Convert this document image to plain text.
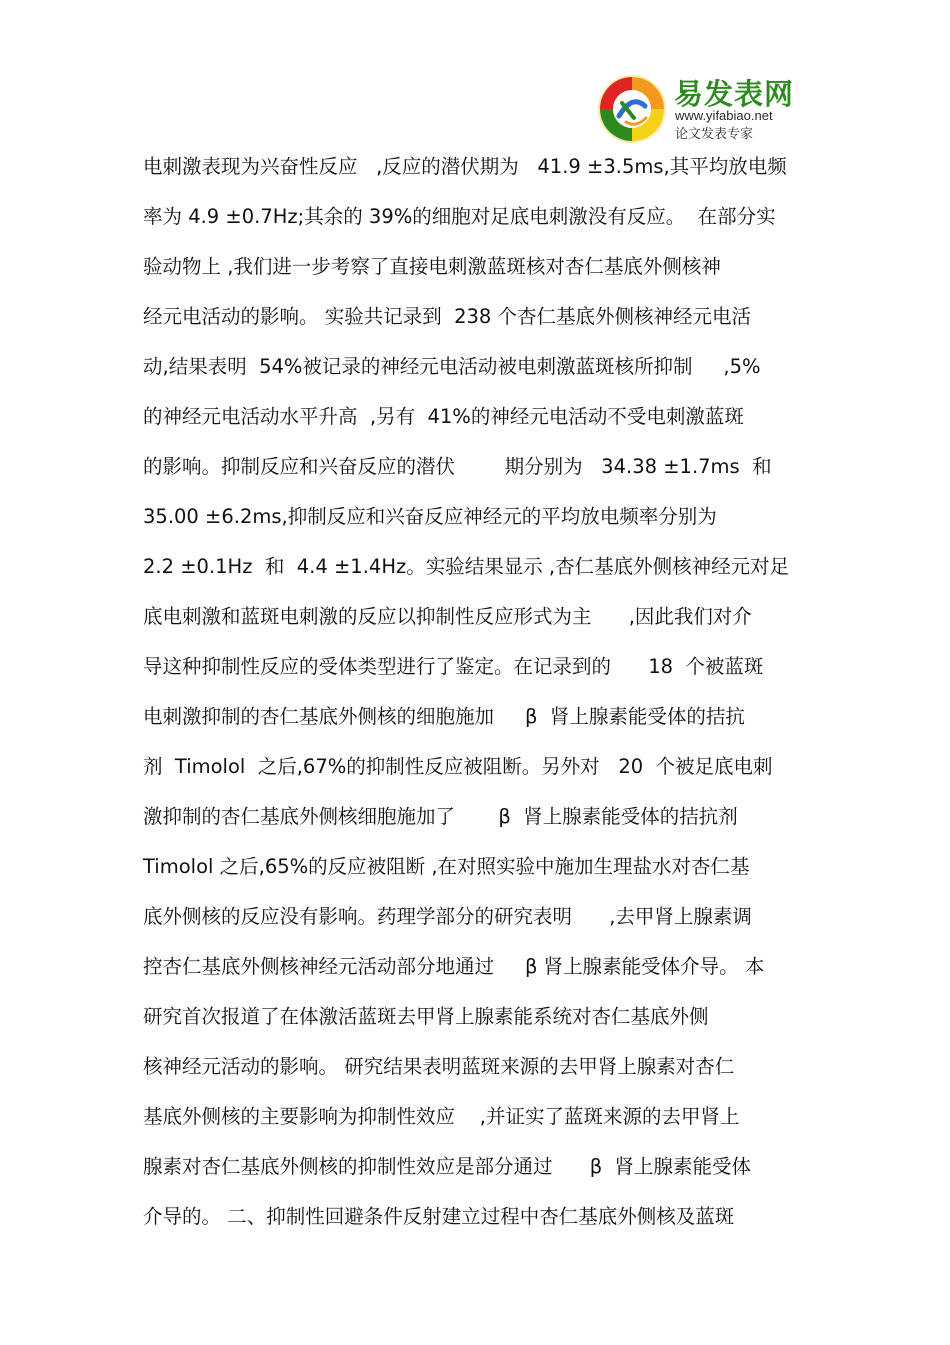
易发表网
www.yifabiao.net
论文发表专家
电刺激表现为兴奋性反应   ,反应的潜伏期为   41.9 ±3.5ms,其平均放电频
率为 4.9 ±0.7Hz;其余的 39%的细胞对足底电刺激没有反应。  在部分实
验动物上 ,我们进一步考察了直接电刺激蓝斑核对杏仁基底外侧核神
经元电活动的影响。 实验共记录到  238 个杏仁基底外侧核神经元电活
动,结果表明  54%被记录的神经元电活动被电刺激蓝斑核所抑制     ,5%
的神经元电活动水平升高  ,另有  41%的神经元电活动不受电刺激蓝斑
的影响。抑制反应和兴奋反应的潜伏        期分别为   34.38 ±1.7ms  和
35.00 ±6.2ms,抑制反应和兴奋反应神经元的平均放电频率分别为
2.2 ±0.1Hz  和  4.4 ±1.4Hz。实验结果显示 ,杏仁基底外侧核神经元对足
底电刺激和蓝斑电刺激的反应以抑制性反应形式为主      ,因此我们对介
导这种抑制性反应的受体类型进行了鉴定。在记录到的      18  个被蓝斑
电刺激抑制的杏仁基底外侧核的细胞施加     β  肾上腺素能受体的拮抗
剂  Timolol  之后,67%的抑制性反应被阻断。另外对   20  个被足底电刺
激抑制的杏仁基底外侧核细胞施加了       β  肾上腺素能受体的拮抗剂
Timolol 之后,65%的反应被阻断 ,在对照实验中施加生理盐水对杏仁基
底外侧核的反应没有影响。药理学部分的研究表明      ,去甲肾上腺素调
控杏仁基底外侧核神经元活动部分地通过     β 肾上腺素能受体介导。 本
研究首次报道了在体激活蓝斑去甲肾上腺素能系统对杏仁基底外侧
核神经元活动的影响。 研究结果表明蓝斑来源的去甲肾上腺素对杏仁
基底外侧核的主要影响为抑制性效应    ,并证实了蓝斑来源的去甲肾上
腺素对杏仁基底外侧核的抑制性效应是部分通过      β  肾上腺素能受体
介导的。 二、抑制性回避条件反射建立过程中杏仁基底外侧核及蓝斑
